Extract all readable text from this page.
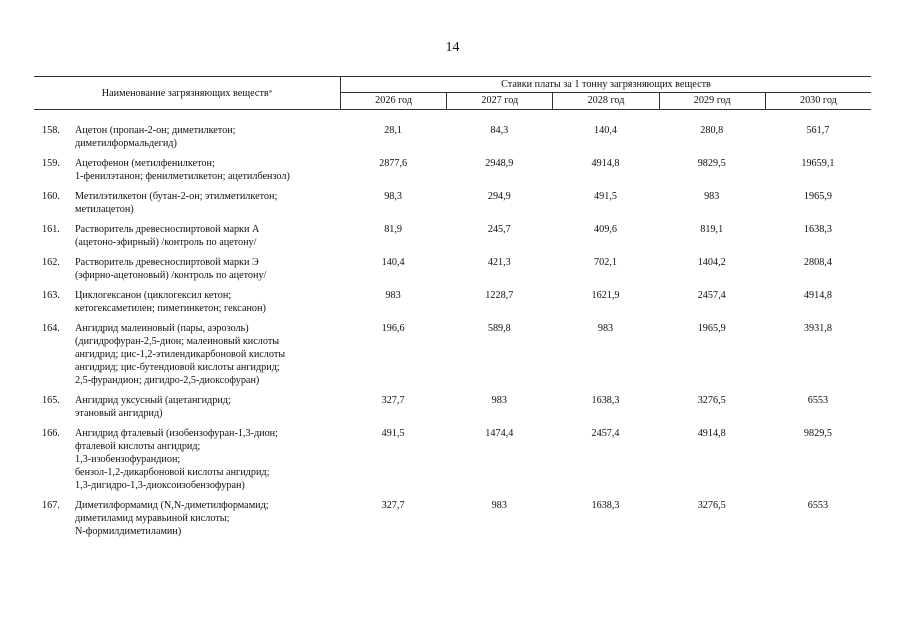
14
Наименование загрязняющих веществ *
Ставки платы за 1 тонну загрязняющих веществ
2026 год	2027 год	2028 год	2029 год	2030 год
158.	Ацетон (пропан-2-он; диметилкетон;
диметилформальдегид)
28,1	84,3	140,4	280,8	561,7
159.	Ацетофенон (метилфенилкетон;
1-фенилэтанон; фенилметилкетон; ацетилбензол)
2877,6	2948,9	4914,8	9829,5	19659,1
160.	Метилэтилкетон (бутан-2-он; этилметилкетон;
метилацетон)
98,3	294,9	491,5	983	1965,9
161.	Растворитель древесноспиртовой марки А
(ацетоно-эфирный) /контроль по ацетону/
81,9	245,7	409,6	819,1	1638,3
162.	Растворитель древесноспиртовой марки Э
(эфирно-ацетоновый) /контроль по ацетону/
140,4	421,3	702,1	1404,2	2808,4
163.	Циклогексанон (циклогексил кетон;
кетогексаметилен; пиметинкетон; гексанон)
983	1228,7	1621,9	2457,4	4914,8
164.	Ангидрид малеиновый (пары, аэрозоль)
(дигидрофуран-2,5-дион; малеиновый кислоты
ангидрид; цис-1,2-этилендикарбоновой кислоты
ангидрид; цис-бутендиовой кислоты ангидрид;
2,5-фурандион; дигидро-2,5-диоксофуран)
196,6	589,8	983	1965,9	3931,8
165.	Ангидрид уксусный (ацетангидрид;
этановый ангидрид)
327,7	983	1638,3	3276,5	6553
166.	Ангидрид фталевый (изобензофуран-1,3-дион;
фталевой кислоты ангидрид;
1,3-изобензофурандион;
бензол-1,2-дикарбоновой кислоты ангидрид;
1,3-дигидро-1,3-диоксоизобензофуран)
491,5	1474,4	2457,4	4914,8	9829,5
167.	Диметилформамид (N,N-диметилформамид;
диметиламид муравьиной кислоты;
N-формилдиметиламин)
327,7	983	1638,3	3276,5	6553
